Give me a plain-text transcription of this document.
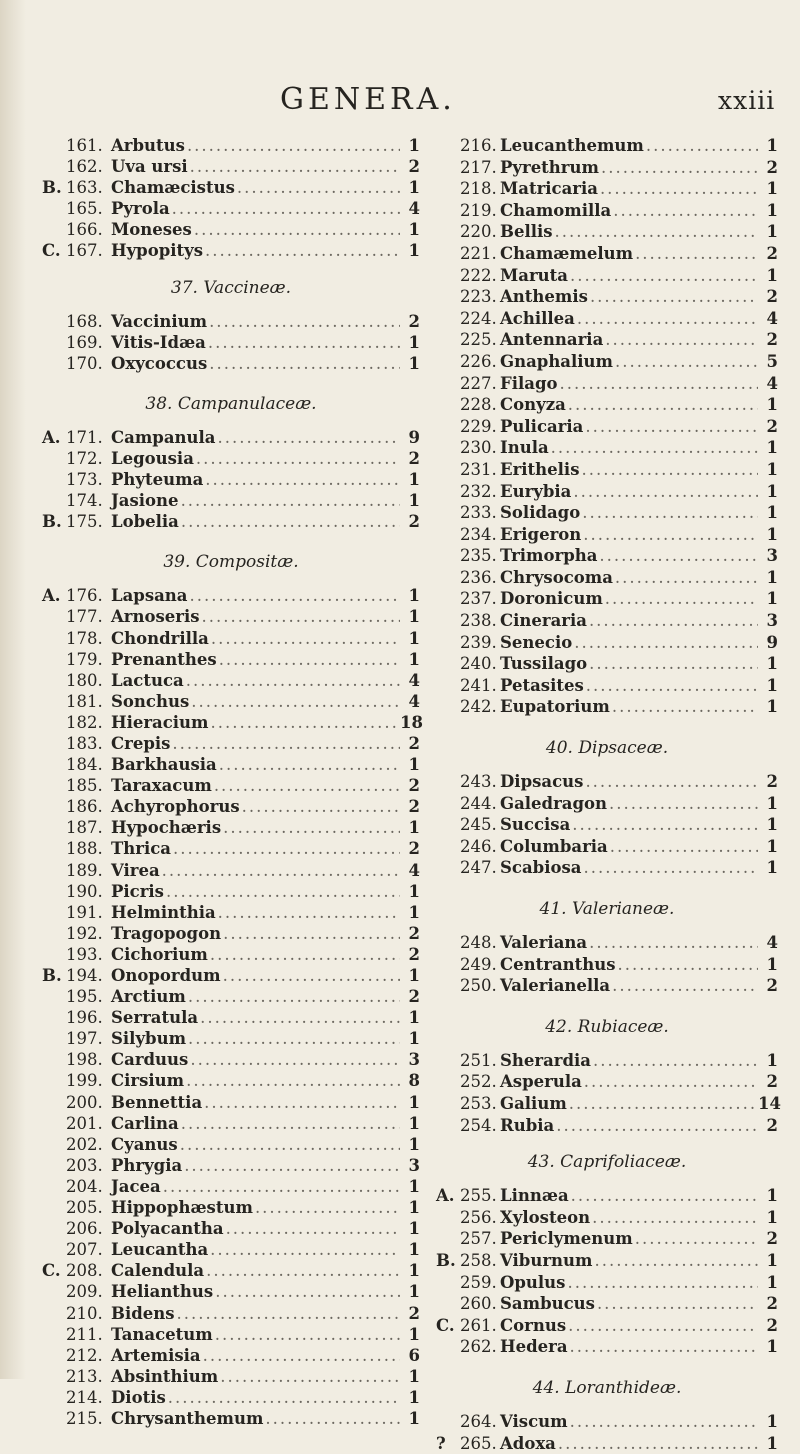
GENERA.	xxiii
161. Arbutus .....	1
162. Uva ursi .....	2
B. 163. Chamæcistus .....	1
165. Pyrola .....	4
166. Moneses .....	1
C. 167. Hypopitys .....	1
37. Vaccineæ.
168. Vaccinium .....	2
169. Vitis-Idæa .....	1
170. Oxycoccus .....	1
38. Campanulaceæ.
A. 171. Campanula .....	9
172. Legousia .....	2
173. Phyteuma .....	1
174. Jasione .....	1
B. 175. Lobelia .....	2
39. Compositæ.
A. 176. Lapsana .....	1
177. Arnoseris .....	1
178. Chondrilla .....	1
179. Prenanthes .....	1
180. Lactuca .....	4
181. Sonchus .....	4
182. Hieracium .....	18
183. Crepis .....	2
184. Barkhausia .....	1
185. Taraxacum .....	2
186. Achyrophorus .....	2
187. Hypochæris .....	1
188. Thrica .....	2
189. Virea .....	4
190. Picris .....	1
191. Helminthia .....	1
192. Tragopogon .....	2
193. Cichorium .....	2
B. 194. Onopordum .....	1
195. Arctium .....	2
196. Serratula .....	1
197. Silybum .....	1
198. Carduus .....	3
199. Cirsium .....	8
200. Bennettia .....	1
201. Carlina .....	1
202. Cyanus .....	1
203. Phrygia .....	3
204. Jacea .....	1
205. Hippophæstum .....	1
206. Polyacantha .....	1
207. Leucantha .....	1
C. 208. Calendula .....	1
209. Helianthus .....	1
210. Bidens .....	2
211. Tanacetum .....	1
212. Artemisia .....	6
213. Absinthium .....	1
214. Diotis .....	1
215. Chrysanthemum .....	1
216. Leucanthemum .....	1
217. Pyrethrum .....	2
218. Matricaria .....	1
219. Chamomilla .....	1
220. Bellis .....	1
221. Chamæmelum .....	2
222. Maruta .....	1
223. Anthemis .....	2
224. Achillea .....	4
225. Antennaria .....	2
226. Gnaphalium .....	5
227. Filago .....	4
228. Conyza .....	1
229. Pulicaria .....	2
230. Inula .....	1
231. Erithelis .....	1
232. Eurybia .....	1
233. Solidago .....	1
234. Erigeron .....	1
235. Trimorpha .....	3
236. Chrysocoma .....	1
237. Doronicum .....	1
238. Cineraria .....	3
239. Senecio .....	9
240. Tussilago .....	1
241. Petasites .....	1
242. Eupatorium .....	1
40. Dipsaceæ.
243. Dipsacus .....	2
244. Galedragon .....	1
245. Succisa .....	1
246. Columbaria .....	1
247. Scabiosa .....	1
41. Valerianeæ.
248. Valeriana .....	4
249. Centranthus .....	1
250. Valerianella .....	2
42. Rubiaceæ.
251. Sherardia .....	1
252. Asperula .....	2
253. Galium .....	14
254. Rubia .....	2
43. Caprifoliaceæ.
A. 255. Linnæa .....	1
256. Xylosteon .....	1
257. Periclymenum .....	2
B. 258. Viburnum .....	1
259. Opulus .....	1
260. Sambucus .....	2
C. 261. Cornus .....	2
262. Hedera .....	1
44. Loranthideæ.
264. Viscum .....	1
? 265. Adoxa .....	1
